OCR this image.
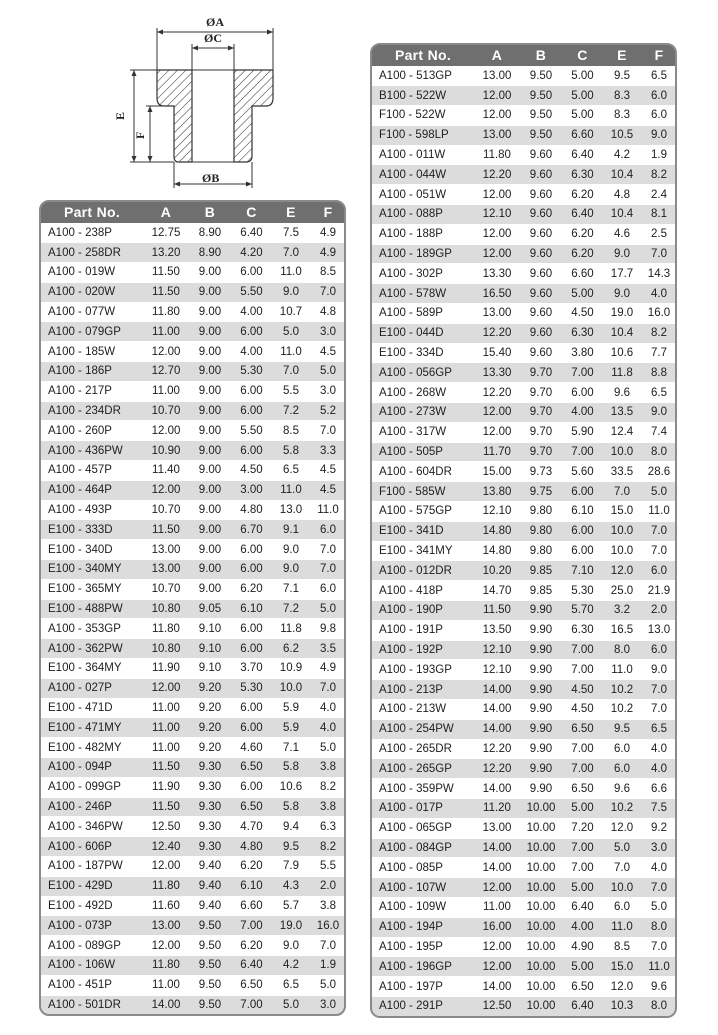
ØA
ØC
E
F
ØB
Part No.	A	B	C	E	F
A100 - 238P	12.75	8.90	6.40	7.5	4.9
A100 - 258DR	13.20	8.90	4.20	7.0	4.9
A100 - 019W	11.50	9.00	6.00	11.0	8.5
A100 - 020W	11.50	9.00	5.50	9.0	7.0
A100 - 077W	11.80	9.00	4.00	10.7	4.8
A100 - 079GP	11.00	9.00	6.00	5.0	3.0
A100 - 185W	12.00	9.00	4.00	11.0	4.5
A100 - 186P	12.70	9.00	5.30	7.0	5.0
A100 - 217P	11.00	9.00	6.00	5.5	3.0
A100 - 234DR	10.70	9.00	6.00	7.2	5.2
A100 - 260P	12.00	9.00	5.50	8.5	7.0
A100 - 436PW	10.90	9.00	6.00	5.8	3.3
A100 - 457P	11.40	9.00	4.50	6.5	4.5
A100 - 464P	12.00	9.00	3.00	11.0	4.5
A100 - 493P	10.70	9.00	4.80	13.0	11.0
E100 - 333D	11.50	9.00	6.70	9.1	6.0
E100 - 340D	13.00	9.00	6.00	9.0	7.0
E100 - 340MY	13.00	9.00	6.00	9.0	7.0
E100 - 365MY	10.70	9.00	6.20	7.1	6.0
E100 - 488PW	10.80	9.05	6.10	7.2	5.0
A100 - 353GP	11.80	9.10	6.00	11.8	9.8
A100 - 362PW	10.80	9.10	6.00	6.2	3.5
E100 - 364MY	11.90	9.10	3.70	10.9	4.9
A100 - 027P	12.00	9.20	5.30	10.0	7.0
E100 - 471D	11.00	9.20	6.00	5.9	4.0
E100 - 471MY	11.00	9.20	6.00	5.9	4.0
E100 - 482MY	11.00	9.20	4.60	7.1	5.0
A100 - 094P	11.50	9.30	6.50	5.8	3.8
A100 - 099GP	11.90	9.30	6.00	10.6	8.2
A100 - 246P	11.50	9.30	6.50	5.8	3.8
A100 - 346PW	12.50	9.30	4.70	9.4	6.3
A100 - 606P	12.40	9.30	4.80	9.5	8.2
A100 - 187PW	12.00	9.40	6.20	7.9	5.5
E100 - 429D	11.80	9.40	6.10	4.3	2.0
E100 - 492D	11.60	9.40	6.60	5.7	3.8
A100 - 073P	13.00	9.50	7.00	19.0	16.0
A100 - 089GP	12.00	9.50	6.20	9.0	7.0
A100 - 106W	11.80	9.50	6.40	4.2	1.9
A100 - 451P	11.00	9.50	6.50	6.5	5.0
A100 - 501DR	14.00	9.50	7.00	5.0	3.0
Part No.	A	B	C	E	F
A100 - 513GP	13.00	9.50	5.00	9.5	6.5
B100 - 522W	12.00	9.50	5.00	8.3	6.0
F100 - 522W	12.00	9.50	5.00	8.3	6.0
F100 - 598LP	13.00	9.50	6.60	10.5	9.0
A100 - 011W	11.80	9.60	6.40	4.2	1.9
A100 - 044W	12.20	9.60	6.30	10.4	8.2
A100 - 051W	12.00	9.60	6.20	4.8	2.4
A100 - 088P	12.10	9.60	6.40	10.4	8.1
A100 - 188P	12.00	9.60	6.20	4.6	2.5
A100 - 189GP	12.00	9.60	6.20	9.0	7.0
A100 - 302P	13.30	9.60	6.60	17.7	14.3
A100 - 578W	16.50	9.60	5.00	9.0	4.0
A100 - 589P	13.00	9.60	4.50	19.0	16.0
E100 - 044D	12.20	9.60	6.30	10.4	8.2
E100 - 334D	15.40	9.60	3.80	10.6	7.7
A100 - 056GP	13.30	9.70	7.00	11.8	8.8
A100 - 268W	12.20	9.70	6.00	9.6	6.5
A100 - 273W	12.00	9.70	4.00	13.5	9.0
A100 - 317W	12.00	9.70	5.90	12.4	7.4
A100 - 505P	11.70	9.70	7.00	10.0	8.0
A100 - 604DR	15.00	9.73	5.60	33.5	28.6
F100 - 585W	13.80	9.75	6.00	7.0	5.0
A100 - 575GP	12.10	9.80	6.10	15.0	11.0
E100 - 341D	14.80	9.80	6.00	10.0	7.0
E100 - 341MY	14.80	9.80	6.00	10.0	7.0
A100 - 012DR	10.20	9.85	7.10	12.0	6.0
A100 - 418P	14.70	9.85	5.30	25.0	21.9
A100 - 190P	11.50	9.90	5.70	3.2	2.0
A100 - 191P	13.50	9.90	6.30	16.5	13.0
A100 - 192P	12.10	9.90	7.00	8.0	6.0
A100 - 193GP	12.10	9.90	7.00	11.0	9.0
A100 - 213P	14.00	9.90	4.50	10.2	7.0
A100 - 213W	14.00	9.90	4.50	10.2	7.0
A100 - 254PW	14.00	9.90	6.50	9.5	6.5
A100 - 265DR	12.20	9.90	7.00	6.0	4.0
A100 - 265GP	12.20	9.90	7.00	6.0	4.0
A100 - 359PW	14.00	9.90	6.50	9.6	6.6
A100 - 017P	11.20	10.00	5.00	10.2	7.5
A100 - 065GP	13.00	10.00	7.20	12.0	9.2
A100 - 084GP	14.00	10.00	7.00	5.0	3.0
A100 - 085P	14.00	10.00	7.00	7.0	4.0
A100 - 107W	12.00	10.00	5.00	10.0	7.0
A100 - 109W	11.00	10.00	6.40	6.0	5.0
A100 - 194P	16.00	10.00	4.00	11.0	8.0
A100 - 195P	12.00	10.00	4.90	8.5	7.0
A100 - 196GP	12.00	10.00	5.00	15.0	11.0
A100 - 197P	14.00	10.00	6.50	12.0	9.6
A100 - 291P	12.50	10.00	6.40	10.3	8.0
